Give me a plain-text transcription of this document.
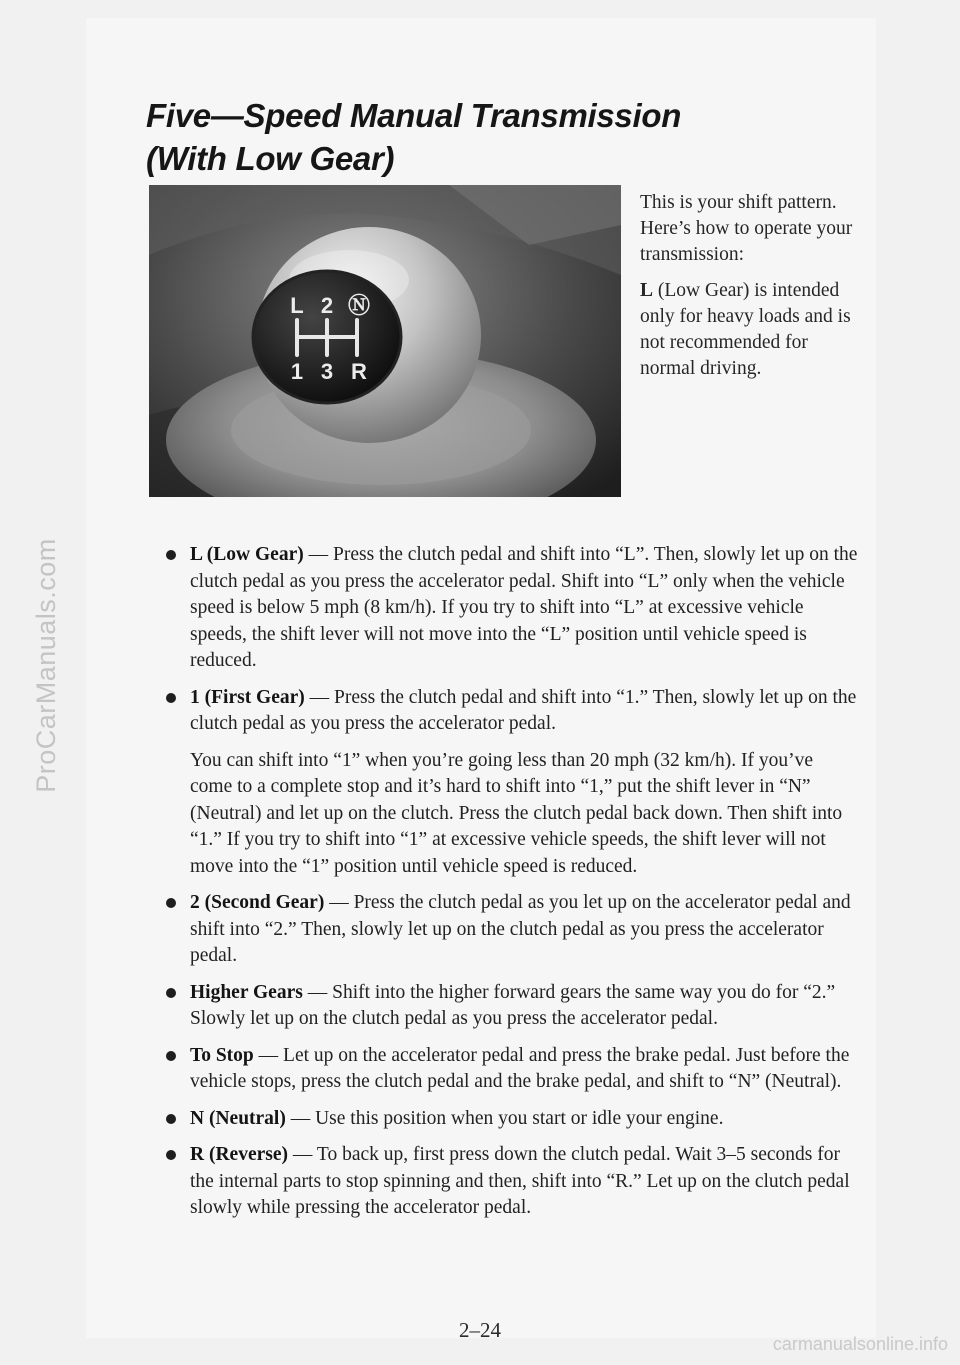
ProCarManuals.com
Five—Speed Manual Transmission (With Low Gear)
L 2 Ⓝ
1 3 R

This is your shift pattern. Here’s how to operate your transmission:

L (Low Gear) is intended only for heavy loads and is not recommended for normal driving.

L (Low Gear) — Press the clutch pedal and shift into “L”. Then, slowly let up on the clutch pedal as you press the accelerator pedal. Shift into “L” only when the vehicle speed is below 5 mph (8 km/h). If you try to shift into “L” at excessive vehicle speeds, the shift lever will not move into the “L” position until vehicle speed is reduced.

1 (First Gear) — Press the clutch pedal and shift into “1.” Then, slowly let up on the clutch pedal as you press the accelerator pedal.

You can shift into “1” when you’re going less than 20 mph (32 km/h). If you’ve come to a complete stop and it’s hard to shift into “1,” put the shift lever in “N” (Neutral) and let up on the clutch. Press the clutch pedal back down. Then shift into “1.” If you try to shift into “1” at excessive vehicle speeds, the shift lever will not move into the “1” position until vehicle speed is reduced.

2 (Second Gear) — Press the clutch pedal as you let up on the accelerator pedal and shift into “2.” Then, slowly let up on the clutch pedal as you press the accelerator pedal.

Higher Gears — Shift into the higher forward gears the same way you do for “2.” Slowly let up on the clutch pedal as you press the accelerator pedal.

To Stop — Let up on the accelerator pedal and press the brake pedal. Just before the vehicle stops, press the clutch pedal and the brake pedal, and shift to “N” (Neutral).

N (Neutral) — Use this position when you start or idle your engine.

R (Reverse) — To back up, first press down the clutch pedal. Wait 3–5 seconds for the internal parts to stop spinning and then, shift into “R.” Let up on the clutch pedal slowly while pressing the accelerator pedal.

2–24
carmanualsonline.info
